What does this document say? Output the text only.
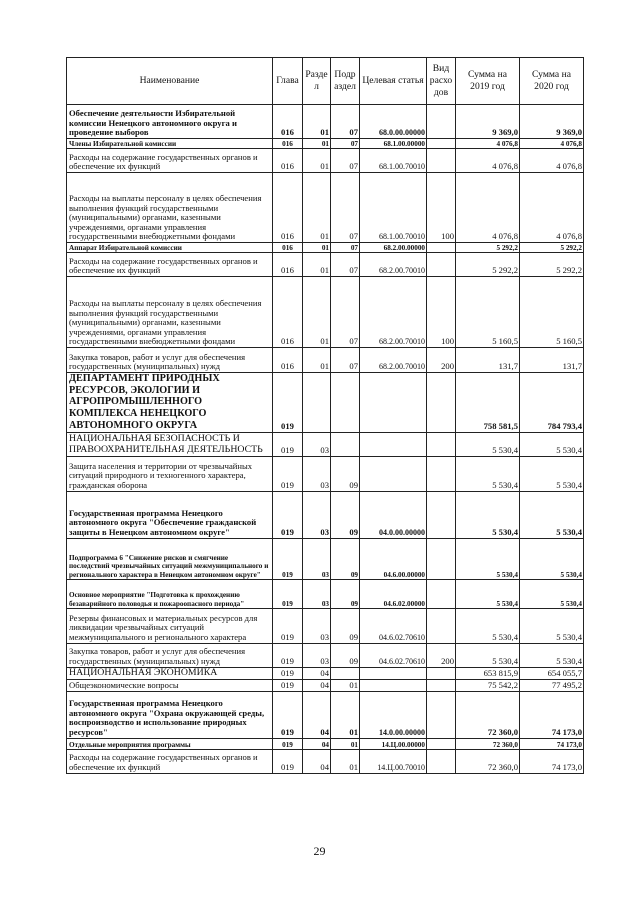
Наименование	Глава	Разде л	Подр аздел	Целевая статья	Вид расхо дов	Сумма на 2019 год	Сумма на 2020 год
Обеспечение деятельности Избирательной комиссии Ненецкого автономного округа и проведение выборов	016	01	07	68.0.00.00000		9 369,0	9 369,0
Члены Избирательной комиссии	016	01	07	68.1.00.00000		4 076,8	4 076,8
Расходы на содержание государственных органов и обеспечение их функций	016	01	07	68.1.00.70010		4 076,8	4 076,8
Расходы на выплаты персоналу в целях обеспечения выполнения функций государственными (муниципальными) органами, казенными учреждениями, органами управления государственными внебюджетными фондами	016	01	07	68.1.00.70010	100	4 076,8	4 076,8
Аппарат Избирательной комиссии	016	01	07	68.2.00.00000		5 292,2	5 292,2
Расходы на содержание государственных органов и обеспечение их функций	016	01	07	68.2.00.70010		5 292,2	5 292,2
Расходы на выплаты персоналу в целях обеспечения выполнения функций государственными (муниципальными) органами, казенными учреждениями, органами управления государственными внебюджетными фондами	016	01	07	68.2.00.70010	100	5 160,5	5 160,5
Закупка товаров, работ и услуг для обеспечения государственных (муниципальных) нужд	016	01	07	68.2.00.70010	200	131,7	131,7
ДЕПАРТАМЕНТ ПРИРОДНЫХ РЕСУРСОВ, ЭКОЛОГИИ И АГРОПРОМЫШЛЕННОГО КОМПЛЕКСА НЕНЕЦКОГО АВТОНОМНОГО ОКРУГА	019					758 581,5	784 793,4
НАЦИОНАЛЬНАЯ БЕЗОПАСНОСТЬ И ПРАВООХРАНИТЕЛЬНАЯ ДЕЯТЕЛЬНОСТЬ	019	03				5 530,4	5 530,4
Защита населения и территории от чрезвычайных ситуаций природного и техногенного характера, гражданская оборона	019	03	09			5 530,4	5 530,4
Государственная программа Ненецкого автономного округа "Обеспечение гражданской защиты в Ненецком автономном округе"	019	03	09	04.0.00.00000		5 530,4	5 530,4
Подпрограмма 6 "Снижение рисков и смягчение последствий чрезвычайных ситуаций межмуниципального и регионального характера в Ненецком автономном округе"	019	03	09	04.6.00.00000		5 530,4	5 530,4
Основное мероприятие "Подготовка к прохождению безаварийного половодья и пожароопасного периода"	019	03	09	04.6.02.00000		5 530,4	5 530,4
Резервы финансовых и материальных ресурсов для ликвидации чрезвычайных ситуаций межмуниципального и регионального характера	019	03	09	04.6.02.70610		5 530,4	5 530,4
Закупка товаров, работ и услуг для обеспечения государственных (муниципальных) нужд	019	03	09	04.6.02.70610	200	5 530,4	5 530,4
НАЦИОНАЛЬНАЯ ЭКОНОМИКА	019	04				653 815,9	654 055,7
Общеэкономические вопросы	019	04	01			75 542,2	77 495,2
Государственная программа Ненецкого автономного округа "Охрана окружающей среды, воспроизводство и использование природных ресурсов"	019	04	01	14.0.00.00000		72 360,0	74 173,0
Отдельные мероприятия программы	019	04	01	14.Ц.00.00000		72 360,0	74 173,0
Расходы на содержание государственных органов и обеспечение их функций	019	04	01	14.Ц.00.70010		72 360,0	74 173,0
29
